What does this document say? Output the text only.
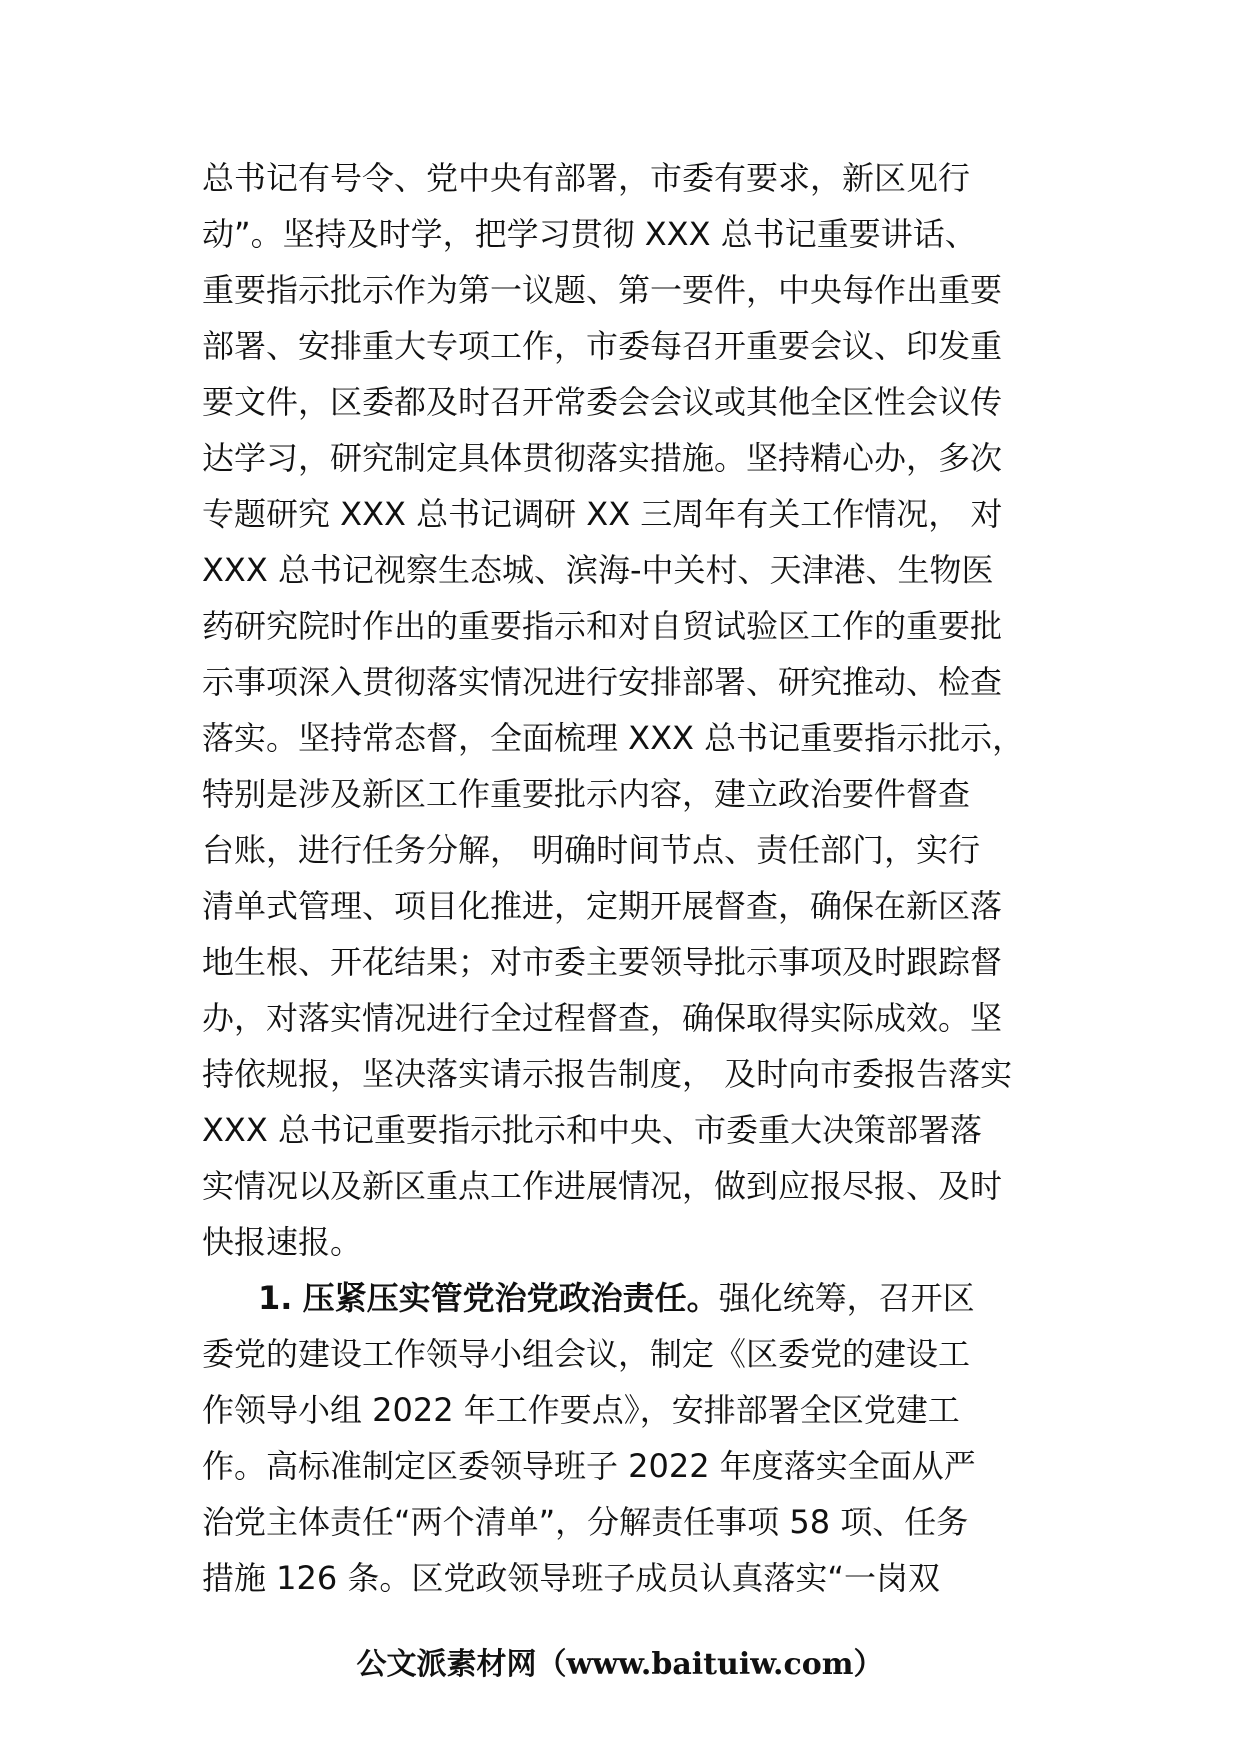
总书记有号令、党中央有部署，市委有要求，新区见行
动”。坚持及时学，把学习贯彻 XXX 总书记重要讲话、
重要指示批示作为第一议题、第一要件，中央每作出重要
部署、安排重大专项工作，市委每召开重要会议、印发重
要文件，区委都及时召开常委会会议或其他全区性会议传
达学习，研究制定具体贯彻落实措施。坚持精心办，多次
专题研究 XXX 总书记调研 XX 三周年有关工作情况， 对
XXX 总书记视察生态城、滨海-中关村、天津港、生物医
药研究院时作出的重要指示和对自贸试验区工作的重要批
示事项深入贯彻落实情况进行安排部署、研究推动、检查
落实。坚持常态督，全面梳理 XXX 总书记重要指示批示，
特别是涉及新区工作重要批示内容，建立政治要件督查
台账，进行任务分解， 明确时间节点、责任部门，实行
清单式管理、项目化推进，定期开展督查，确保在新区落
地生根、开花结果；对市委主要领导批示事项及时跟踪督
办，对落实情况进行全过程督查，确保取得实际成效。坚
持依规报，坚决落实请示报告制度， 及时向市委报告落实
XXX 总书记重要指示批示和中央、市委重大决策部署落
实情况以及新区重点工作进展情况，做到应报尽报、及时
快报速报。
1. 压紧压实管党治党政治责任。强化统筹，召开区
委党的建设工作领导小组会议，制定《区委党的建设工
作领导小组 2022 年工作要点》，安排部署全区党建工
作。高标准制定区委领导班子 2022 年度落实全面从严
治党主体责任“两个清单”，分解责任事项 58 项、任务
措施 126 条。区党政领导班子成员认真落实“一岗双
公文派素材网（www.baituiw.com）
